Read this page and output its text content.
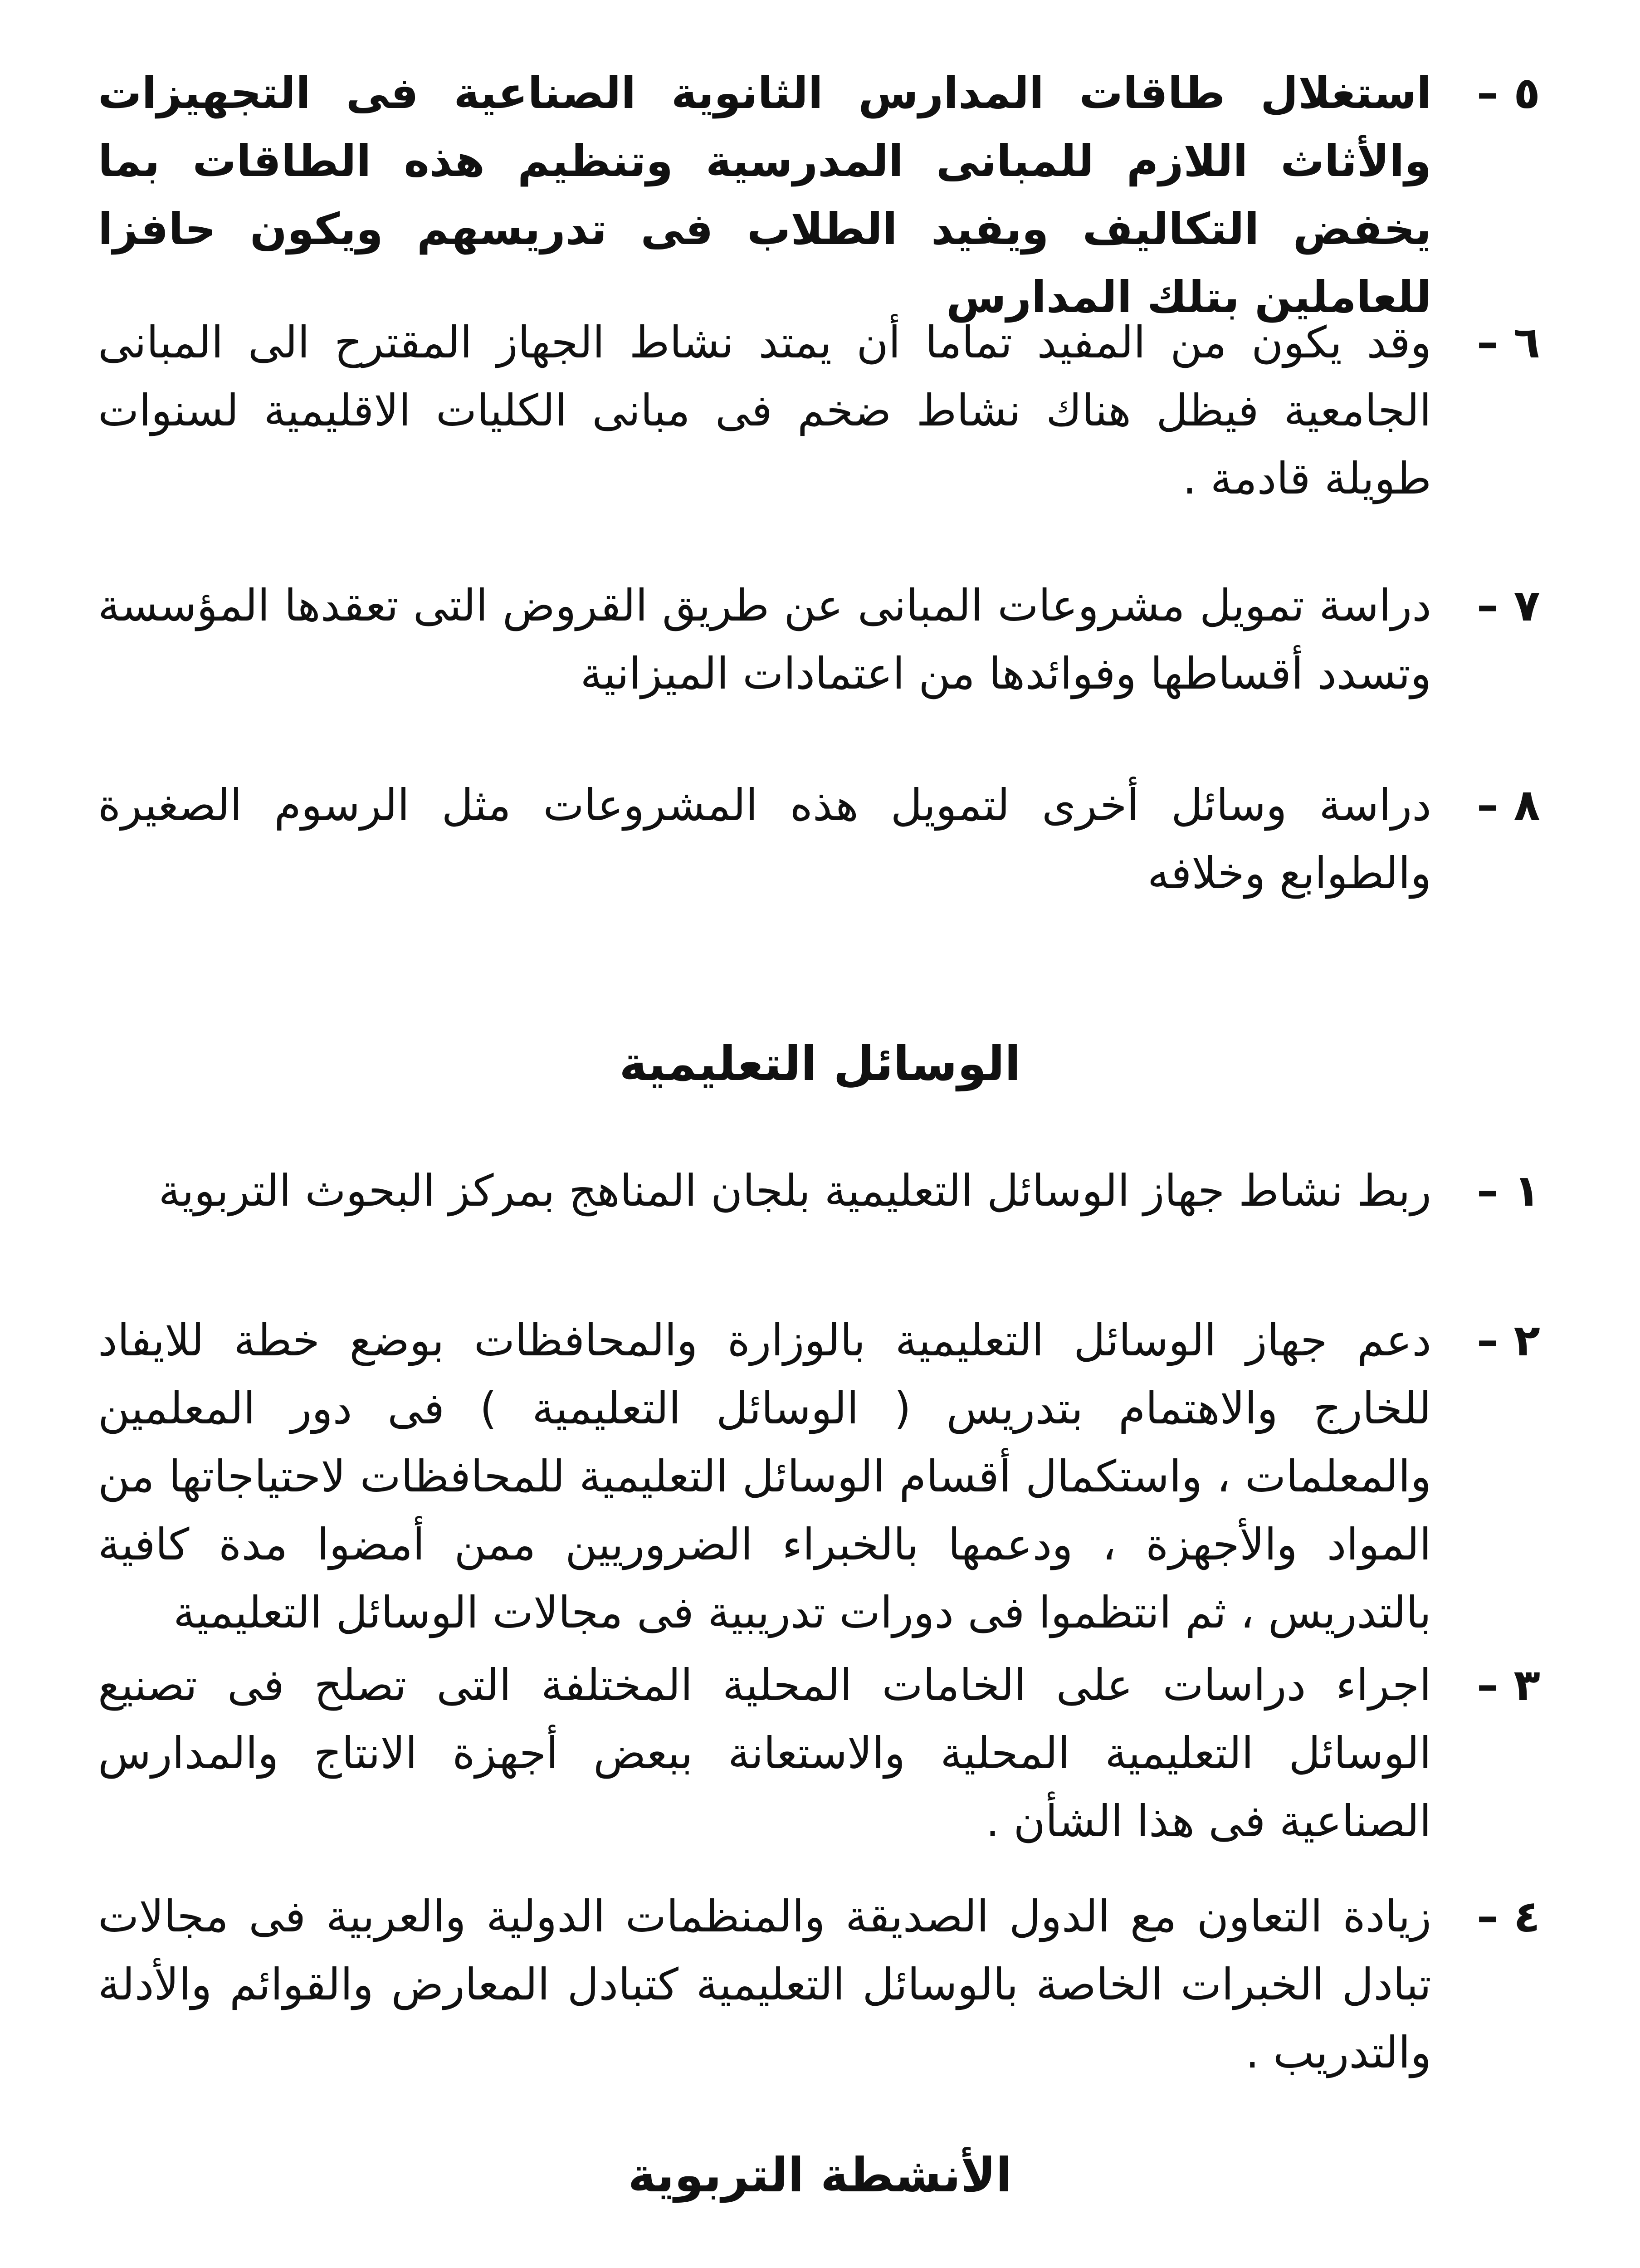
٥ –
استغلال طاقات المدارس الثانوية الصناعية فى التجهيزات والأثاث اللازم للمبانى المدرسية وتنظيم هذه الطاقات بما يخفض التكاليف ويفيد الطلاب فى تدريسهم ويكون حافزا للعاملين بتلك المدارس
٦ –
وقد يكون من المفيد تماما أن يمتد نشاط الجهاز المقترح الى المبانى الجامعية فيظل هناك نشاط ضخم فى مبانى الكليات الاقليمية لسنوات طويلة قادمة .
٧ –
دراسة تمويل مشروعات المبانى عن طريق القروض التى تعقدها المؤسسة وتسدد أقساطها وفوائدها من اعتمادات الميزانية
٨ –
دراسة وسائل أخرى لتمويل هذه المشروعات مثل الرسوم الصغيرة والطوابع وخلافه
الوسائل التعليمية
١ –
ربط نشاط جهاز الوسائل التعليمية بلجان المناهج بمركز البحوث التربوية
٢ –
دعم جهاز الوسائل التعليمية بالوزارة والمحافظات بوضع خطة للايفاد للخارج والاهتمام بتدريس ( الوسائل التعليمية ) فى دور المعلمين والمعلمات ، واستكمال أقسام الوسائل التعليمية للمحافظات لاحتياجاتها من المواد والأجهزة ، ودعمها بالخبراء الضروريين ممن أمضوا مدة كافية بالتدريس ، ثم انتظموا فى دورات تدريبية فى مجالات الوسائل التعليمية
٣ –
اجراء دراسات على الخامات المحلية المختلفة التى تصلح فى تصنيع الوسائل التعليمية المحلية والاستعانة ببعض أجهزة الانتاج والمدارس الصناعية فى هذا الشأن .
٤ –
زيادة التعاون مع الدول الصديقة والمنظمات الدولية والعربية فى مجالات تبادل الخبرات الخاصة بالوسائل التعليمية كتبادل المعارض والقوائم والأدلة والتدريب .
الأنشطة التربوية
